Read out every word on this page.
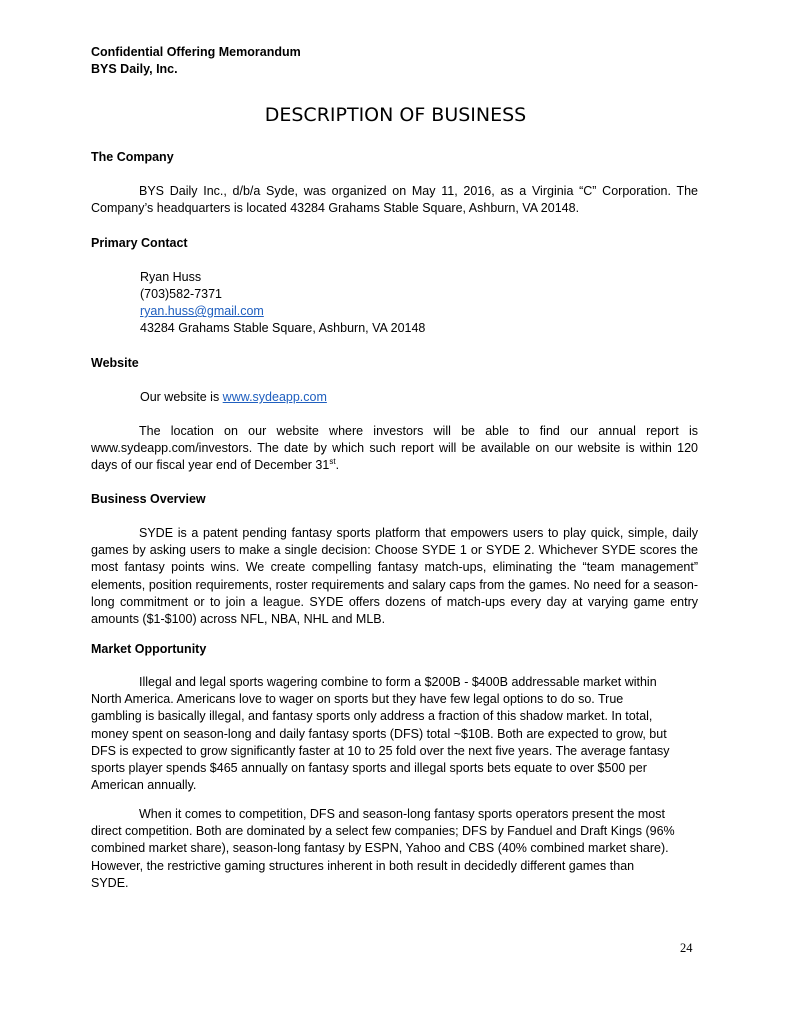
Confidential Offering Memorandum
BYS Daily, Inc.
DESCRIPTION OF BUSINESS

The Company

BYS Daily Inc., d/b/a Syde, was organized on May 11, 2016, as a Virginia “C” Corporation. The Company’s headquarters is located 43284 Grahams Stable Square, Ashburn, VA 20148.

Primary Contact

Ryan Huss
(703)582-7371
ryan.huss@gmail.com
43284 Grahams Stable Square, Ashburn, VA 20148

Website

Our website is www.sydeapp.com

The location on our website where investors will be able to find our annual report is www.sydeapp.com/investors. The date by which such report will be available on our website is within 120 days of our fiscal year end of December 31st.

Business Overview

SYDE is a patent pending fantasy sports platform that empowers users to play quick, simple, daily games by asking users to make a single decision: Choose SYDE 1 or SYDE 2. Whichever SYDE scores the most fantasy points wins. We create compelling fantasy match-ups, eliminating the “team management” elements, position requirements, roster requirements and salary caps from the games. No need for a season-long commitment or to join a league. SYDE offers dozens of match-ups every day at varying game entry amounts ($1-$100) across NFL, NBA, NHL and MLB.

Market Opportunity

Illegal and legal sports wagering combine to form a $200B - $400B addressable market within
North America. Americans love to wager on sports but they have few legal options to do so. True
gambling is basically illegal, and fantasy sports only address a fraction of this shadow market. In total,
money spent on season-long and daily fantasy sports (DFS) total ~$10B. Both are expected to grow, but
DFS is expected to grow significantly faster at 10 to 25 fold over the next five years. The average fantasy
sports player spends $465 annually on fantasy sports and illegal sports bets equate to over $500 per
American annually.
When it comes to competition, DFS and season-long fantasy sports operators present the most
direct competition. Both are dominated by a select few companies; DFS by Fanduel and Draft Kings (96%
combined market share), season-long fantasy by ESPN, Yahoo and CBS (40% combined market share).
However, the restrictive gaming structures inherent in both result in decidedly different games than
SYDE.
24
